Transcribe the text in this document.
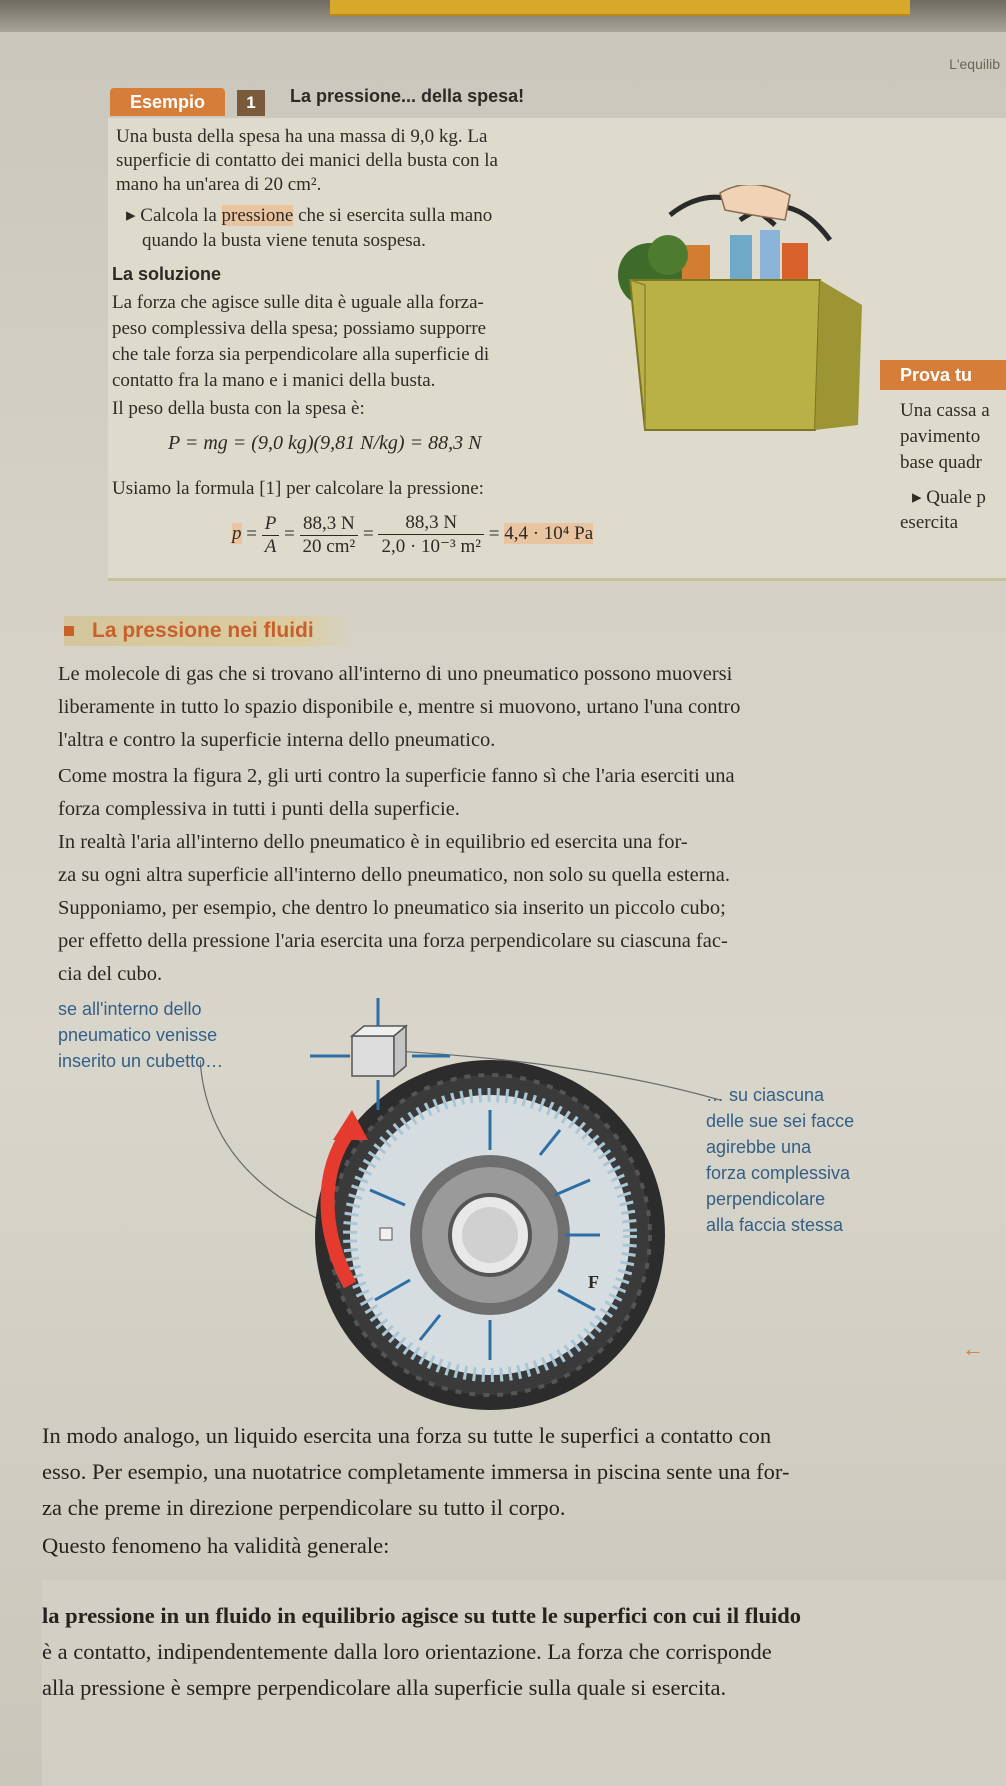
L'equilib
Esempio	1	La pressione... della spesa!
Una busta della spesa ha una massa di 9,0 kg. La
superficie di contatto dei manici della busta con la
mano ha un'area di 20 cm².
▸ Calcola la pressione che si esercita sulla mano
quando la busta viene tenuta sospesa.
La soluzione
La forza che agisce sulle dita è uguale alla forza-
peso complessiva della spesa; possiamo supporre
che tale forza sia perpendicolare alla superficie di
contatto fra la mano e i manici della busta.
Il peso della busta con la spesa è:
P = mg = (9,0 kg)(9,81 N/kg) = 88,3 N
Usiamo la formula [1] per calcolare la pressione:
$p = \frac{P}{A} = \frac{88,3 N}{\text{20 cm²}} = \frac{88,3 N}{\text{2,0 · 10⁻³ m²}} = 4,4 \cdot 10^4$ Pa
Prova tu
Una cassa a
pavimento
base quadr
▸ Quale p
esercita
La pressione nei fluidi
Le molecole di gas che si trovano all'interno di uno pneumatico possono muoversi
liberamente in tutto lo spazio disponibile e, mentre si muovono, urtano l'una contro
l'altra e contro la superficie interna dello pneumatico.
Come mostra la figura 2, gli urti contro la superficie fanno sì che l'aria eserciti una
forza complessiva in tutti i punti della superficie.
In realtà l'aria all'interno dello pneumatico è in equilibrio ed esercita una for-
za su ogni altra superficie all'interno dello pneumatico, non solo su quella esterna.
Supponiamo, per esempio, che dentro lo pneumatico sia inserito un piccolo cubo;
per effetto della pressione l'aria esercita una forza perpendicolare su ciascuna fac-
cia del cubo.
se all'interno dello
pneumatico venisse
inserito un cubetto…
… su ciascuna
delle sue sei facce
agirebbe una
forza complessiva
perpendicolare
alla faccia stessa
F
←
In modo analogo, un liquido esercita una forza su tutte le superfici a contatto con
esso. Per esempio, una nuotatrice completamente immersa in piscina sente una for-
za che preme in direzione perpendicolare su tutto il corpo.
Questo fenomeno ha validità generale:
la pressione in un fluido in equilibrio agisce su tutte le superfici con cui il fluido
è a contatto, indipendentemente dalla loro orientazione. La forza che corrisponde
alla pressione è sempre perpendicolare alla superficie sulla quale si esercita.
